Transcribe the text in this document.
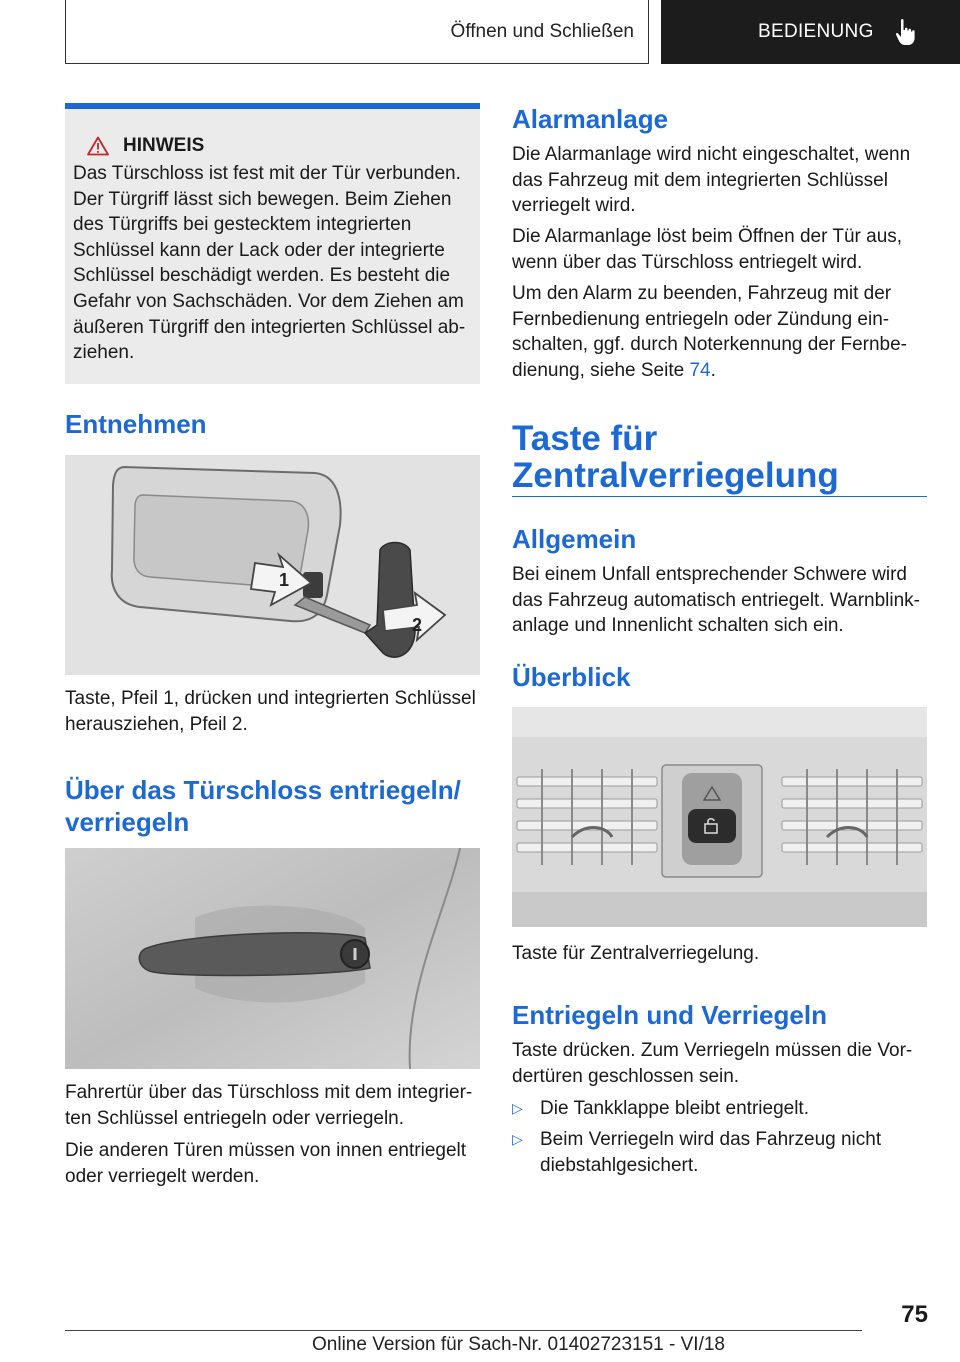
Öffnen und Schließen	BEDIENUNG
HINWEIS

Das Türschloss ist fest mit der Tür verbunden. Der Türgriff lässt sich bewegen. Beim Ziehen des Türgriffs bei gestecktem integrierten Schlüssel kann der Lack oder der integrierte Schlüssel beschädigt werden. Es besteht die Gefahr von Sachschäden. Vor dem Ziehen am äußeren Türgriff den integrierten Schlüssel ab-ziehen.

Entnehmen
1
2

Taste, Pfeil 1, drücken und integrierten Schlüssel herausziehen, Pfeil 2.

Über das Türschloss entriegeln/ verriegeln

Fahrertür über das Türschloss mit dem integrier-ten Schlüssel entriegeln oder verriegeln.

Die anderen Türen müssen von innen entriegelt oder verriegelt werden.

Alarmanlage

Die Alarmanlage wird nicht eingeschaltet, wenn das Fahrzeug mit dem integrierten Schlüssel verriegelt wird.

Die Alarmanlage löst beim Öffnen der Tür aus, wenn über das Türschloss entriegelt wird.

Um den Alarm zu beenden, Fahrzeug mit der Fernbedienung entriegeln oder Zündung ein-schalten, ggf. durch Noterkennung der Fernbe-dienung, siehe Seite 74.

Taste für Zentralverriegelung
Allgemein

Bei einem Unfall entsprechender Schwere wird das Fahrzeug automatisch entriegelt. Warnblink-anlage und Innenlicht schalten sich ein.

Überblick

Taste für Zentralverriegelung.

Entriegeln und Verriegeln

Taste drücken. Zum Verriegeln müssen die Vor-dertüren geschlossen sein.

▷ Die Tankklappe bleibt entriegelt.

▷ Beim Verriegeln wird das Fahrzeug nicht diebstahlgesichert.

75
Online Version für Sach-Nr. 01402723151 - VI/18
